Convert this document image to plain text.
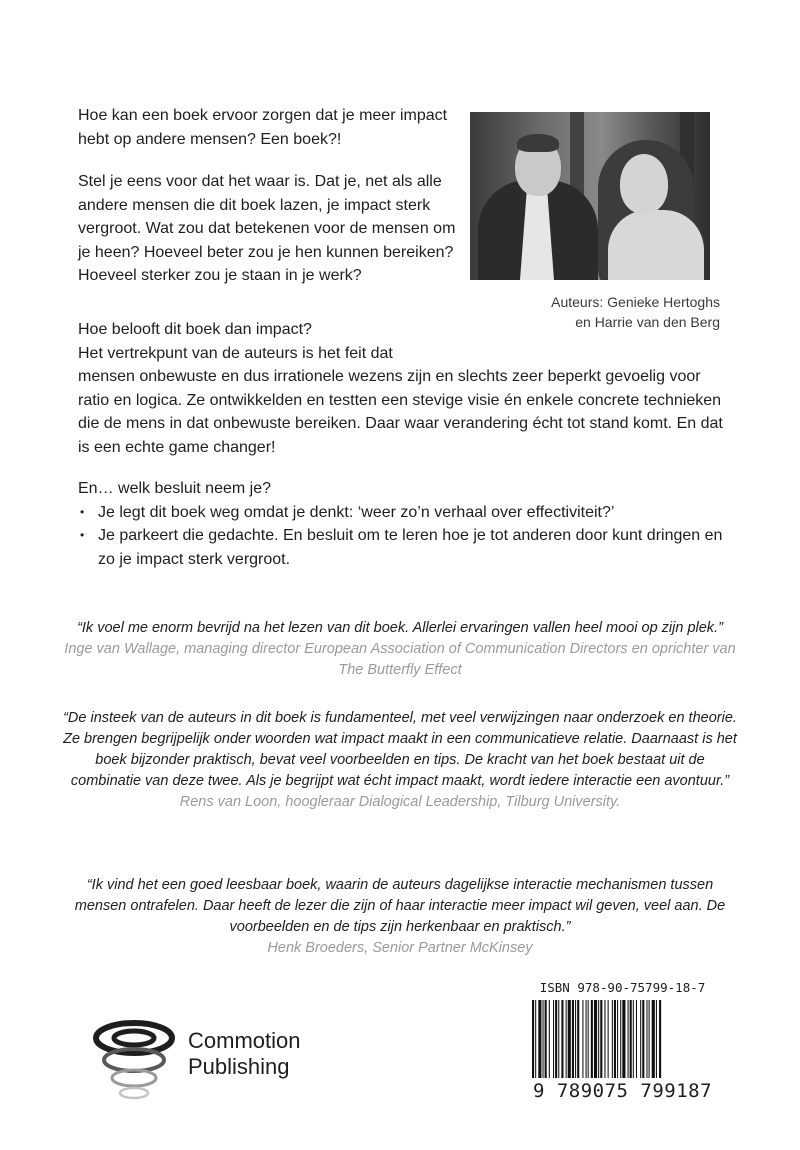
Hoe kan een boek ervoor zorgen dat je meer impact hebt op andere mensen? Een boek?!

Stel je eens voor dat het waar is. Dat je, net als alle andere mensen die dit boek lazen, je impact sterk vergroot. Wat zou dat betekenen voor de mensen om je heen? Hoeveel beter zou je hen kunnen bereiken? Hoeveel sterker zou je staan in je werk?

Auteurs: Genieke Hertoghs
en Harrie van den Berg

Hoe belooft dit boek dan impact?

Het vertrekpunt van de auteurs is het feit dat

mensen onbewuste en dus irrationele wezens zijn en slechts zeer beperkt gevoelig voor ratio en logica. Ze ontwikkelden en testten een stevige visie én enkele concrete technieken die de mens in dat onbewuste bereiken. Daar waar verandering écht tot stand komt. En dat is een echte game changer!

En… welk besluit neem je?

• Je legt dit boek weg omdat je denkt: ‘weer zo’n verhaal over effectiviteit?’
• Je parkeert die gedachte. En besluit om te leren hoe je tot anderen door kunt dringen en zo je impact sterk vergroot.
“Ik voel me enorm bevrijd na het lezen van dit boek. Allerlei ervaringen vallen heel mooi op zijn plek.”
Inge van Wallage, managing director European Association of Communication Directors en oprichter van The Butterfly Effect
“De insteek van de auteurs in dit boek is fundamenteel, met veel verwijzingen naar onderzoek en theorie. Ze brengen begrijpelijk onder woorden wat impact maakt in een communicatieve relatie. Daarnaast is het boek bijzonder praktisch, bevat veel voorbeelden en tips. De kracht van het boek bestaat uit de combinatie van deze twee. Als je begrijpt wat écht impact maakt, wordt iedere interactie een avontuur.”
Rens van Loon, hoogleraar Dialogical Leadership, Tilburg University.
“Ik vind het een goed leesbaar boek, waarin de auteurs dagelijkse interactie mechanismen tussen mensen ontrafelen. Daar heeft de lezer die zijn of haar interactie meer impact wil geven, veel aan. De voorbeelden en de tips zijn herkenbaar en praktisch.”
Henk Broeders, Senior Partner McKinsey
Commotion
Publishing
ISBN 978-90-75799-18-7
9 789075 799187
